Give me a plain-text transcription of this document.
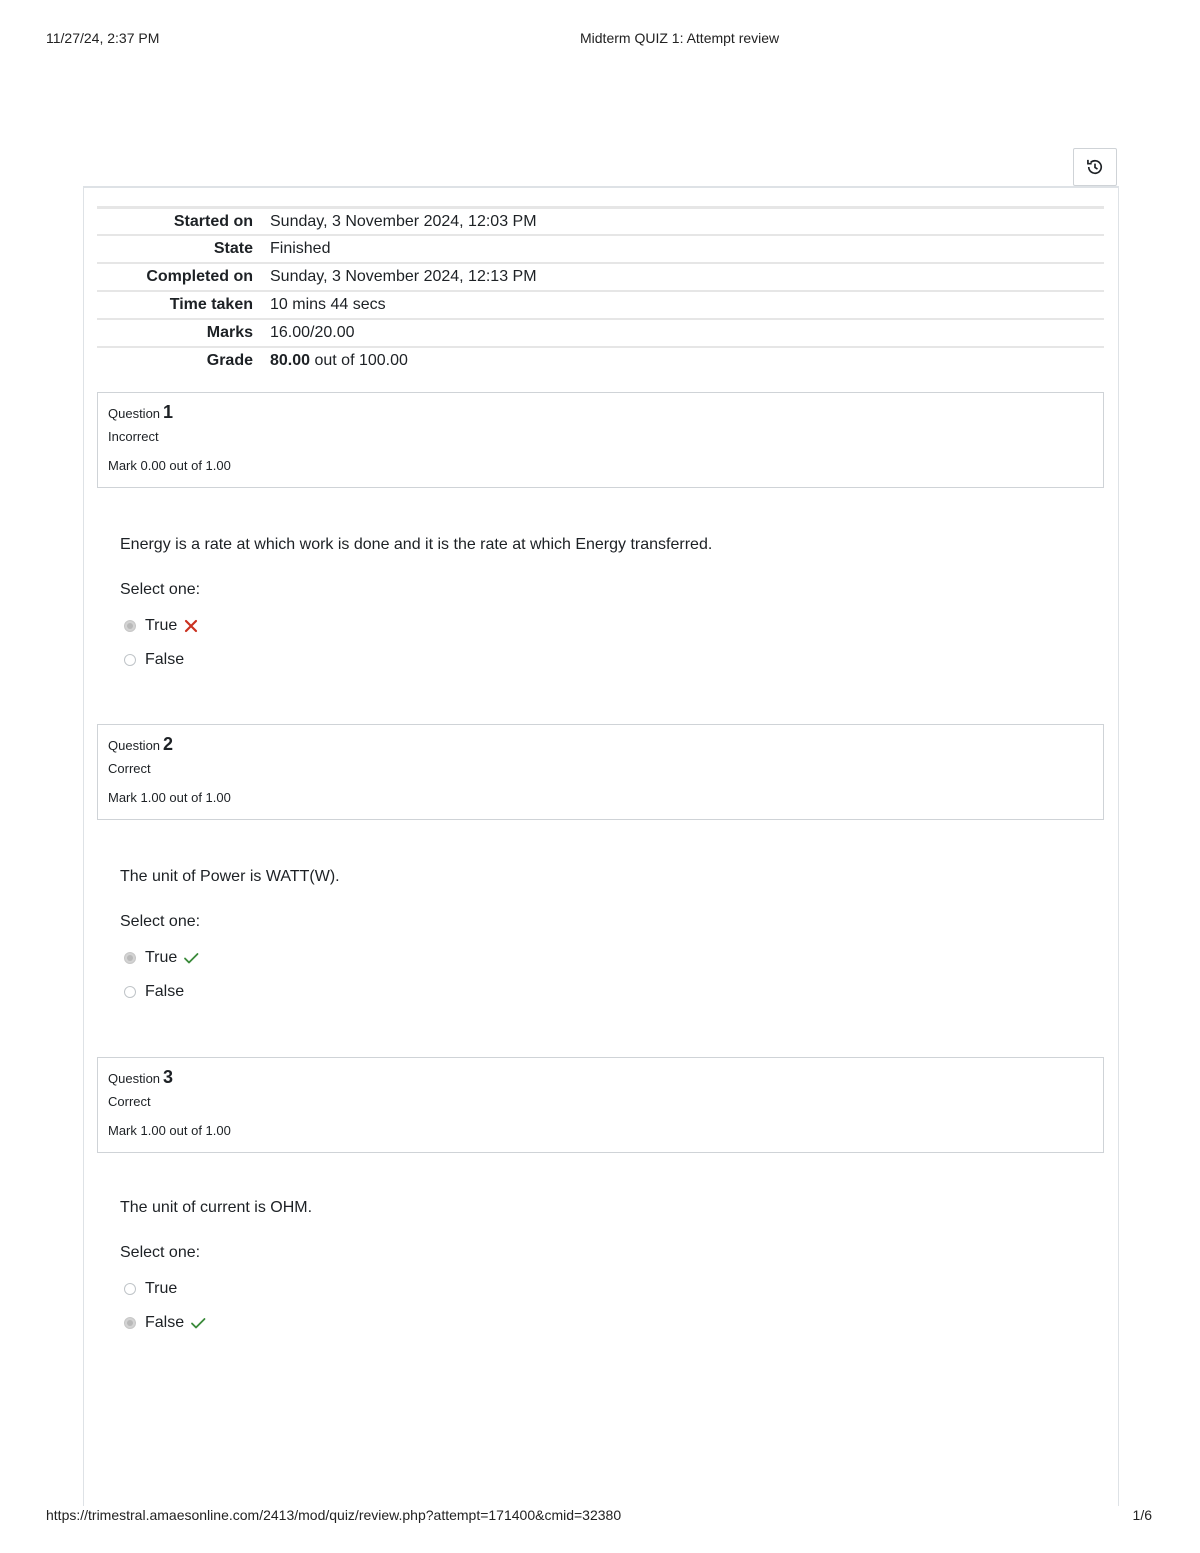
11/27/24, 2:37 PM	Midterm QUIZ 1: Attempt review
Started on	Sunday, 3 November 2024, 12:03 PM
State	Finished
Completed on	Sunday, 3 November 2024, 12:13 PM
Time taken	10 mins 44 secs
Marks	16.00/20.00
Grade	80.00 out of 100.00
Question 1
Incorrect
Mark 0.00 out of 1.00
Energy is a rate at which work is done and it is the rate at which Energy transferred.
Select one:
True
False
Question 2
Correct
Mark 1.00 out of 1.00
The unit of Power is WATT(W).
Select one:
True
False
Question 3
Correct
Mark 1.00 out of 1.00
The unit of current is OHM.
Select one:
True
False
https://trimestral.amaesonline.com/2413/mod/quiz/review.php?attempt=171400&cmid=32380	1/6
